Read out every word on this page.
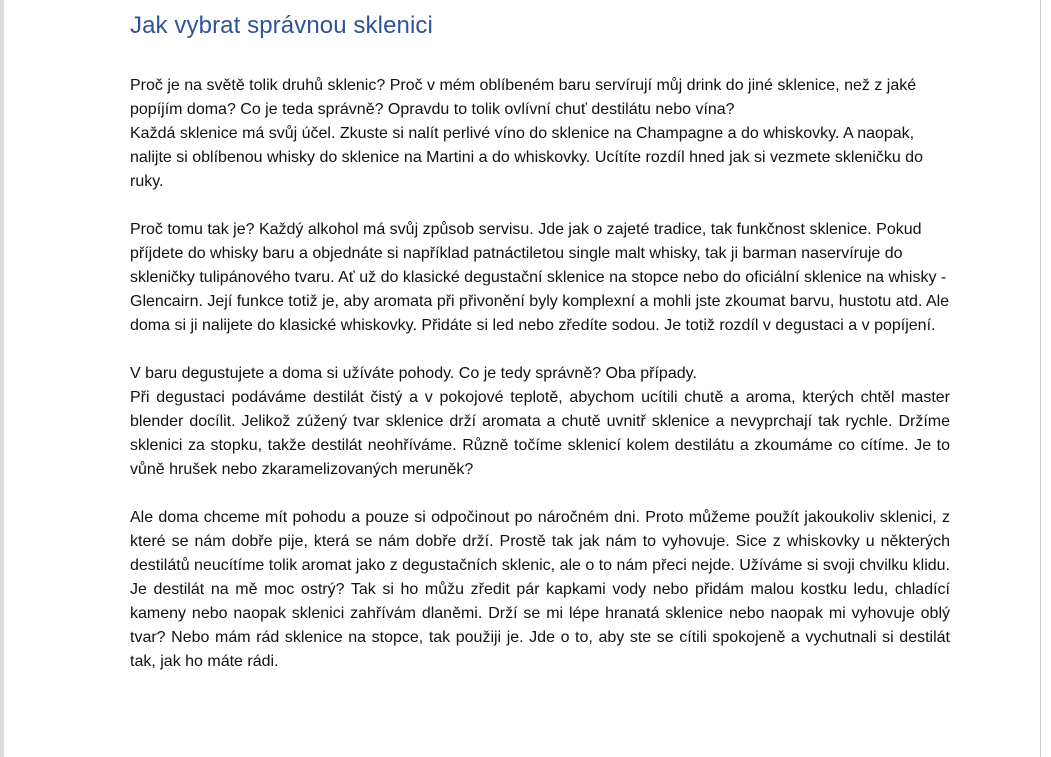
Jak vybrat správnou sklenici

Proč je na světě tolik druhů sklenic? Proč v mém oblíbeném baru servírují můj drink do jiné sklenice, než z jaké popíjím doma? Co je teda správně? Opravdu to tolik ovlívní chuť destilátu nebo vína?

Každá sklenice má svůj účel. Zkuste si nalít perlivé víno do sklenice na Champagne a do whiskovky. A naopak, nalijte si oblíbenou whisky do sklenice na Martini a do whiskovky. Ucítíte rozdíl hned jak si vezmete skleničku do ruky.

Proč tomu tak je? Každý alkohol má svůj způsob servisu. Jde jak o zajeté tradice, tak funkčnost sklenice. Pokud příjdete do whisky baru a objednáte si například patnáctiletou single malt whisky, tak ji barman naservíruje do skleničky tulipánového tvaru. Ať už do klasické degustační sklenice na stopce nebo do oficiální sklenice na whisky - Glencairn. Její funkce totiž je, aby aromata při přivonění byly komplexní a mohli jste zkoumat barvu, hustotu atd. Ale doma si ji nalijete do klasické whiskovky. Přidáte si led nebo zředíte sodou. Je totiž rozdíl v degustaci a v popíjení.

V baru degustujete a doma si užíváte pohody. Co je tedy správně? Oba případy.

Při degustaci podáváme destilát čistý a v pokojové teplotě, abychom ucítili chutě a aroma, kterých chtěl master blender docílit. Jelikož zúžený tvar sklenice drží aromata a chutě uvnitř sklenice a nevyprchají tak rychle. Držíme sklenici za stopku, takže destilát neohříváme. Různě točíme sklenicí kolem destilátu a zkoumáme co cítíme. Je to vůně hrušek nebo zkaramelizovaných meruněk?

Ale doma chceme mít pohodu a pouze si odpočinout po náročném dni. Proto můžeme použít jakoukoliv sklenici, z které se nám dobře pije, která se nám dobře drží. Prostě tak jak nám to vyhovuje. Sice z whiskovky u některých destilátů neucítíme tolik aromat jako z degustačních sklenic, ale o to nám přeci nejde. Užíváme si svoji chvilku klidu. Je destilát na mě moc ostrý? Tak si ho můžu zředit pár kapkami vody nebo přidám malou kostku ledu, chladící kameny nebo naopak sklenici zahřívám dlaněmi. Drží se mi lépe hranatá sklenice nebo naopak mi vyhovuje oblý tvar? Nebo mám rád sklenice na stopce, tak použiji je. Jde o to, aby ste se cítili spokojeně a vychutnali si destilát tak, jak ho máte rádi.
